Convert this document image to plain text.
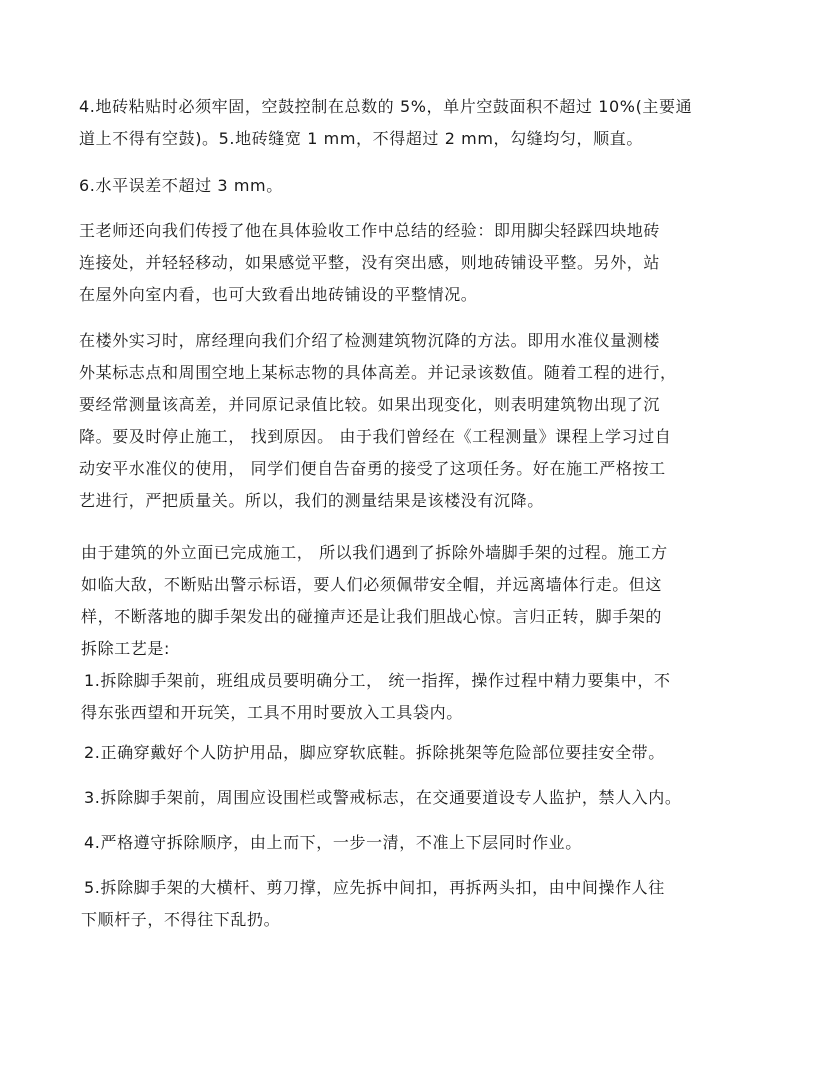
4.地砖粘贴时必须牢固，空鼓控制在总数的 5%，单片空鼓面积不超过 10%(主要通
道上不得有空鼓)。5.地砖缝宽 1 mm，不得超过 2 mm，勾缝均匀，顺直。

6.水平误差不超过 3 mm。

王老师还向我们传授了他在具体验收工作中总结的经验：即用脚尖轻踩四块地砖
连接处，并轻轻移动，如果感觉平整，没有突出感，则地砖铺设平整。另外，站
在屋外向室内看，也可大致看出地砖铺设的平整情况。

在楼外实习时，席经理向我们介绍了检测建筑物沉降的方法。即用水准仪量测楼
外某标志点和周围空地上某标志物的具体高差。并记录该数值。随着工程的进行，
要经常测量该高差，并同原记录值比较。如果出现变化，则表明建筑物出现了沉
降。要及时停止施工， 找到原因。 由于我们曾经在《工程测量》课程上学习过自
动安平水准仪的使用， 同学们便自告奋勇的接受了这项任务。好在施工严格按工
艺进行，严把质量关。所以，我们的测量结果是该楼没有沉降。

由于建筑的外立面已完成施工， 所以我们遇到了拆除外墙脚手架的过程。施工方
如临大敌，不断贴出警示标语，要人们必须佩带安全帽，并远离墙体行走。但这
样，不断落地的脚手架发出的碰撞声还是让我们胆战心惊。言归正转，脚手架的
拆除工艺是:
1.拆除脚手架前，班组成员要明确分工， 统一指挥，操作过程中精力要集中，不
得东张西望和开玩笑，工具不用时要放入工具袋内。

2.正确穿戴好个人防护用品，脚应穿软底鞋。拆除挑架等危险部位要挂安全带。

3.拆除脚手架前，周围应设围栏或警戒标志，在交通要道设专人监护，禁人入内。

4.严格遵守拆除顺序，由上而下，一步一清，不准上下层同时作业。

5.拆除脚手架的大横杆、剪刀撑，应先拆中间扣，再拆两头扣，由中间操作人往
下顺杆子，不得往下乱扔。
